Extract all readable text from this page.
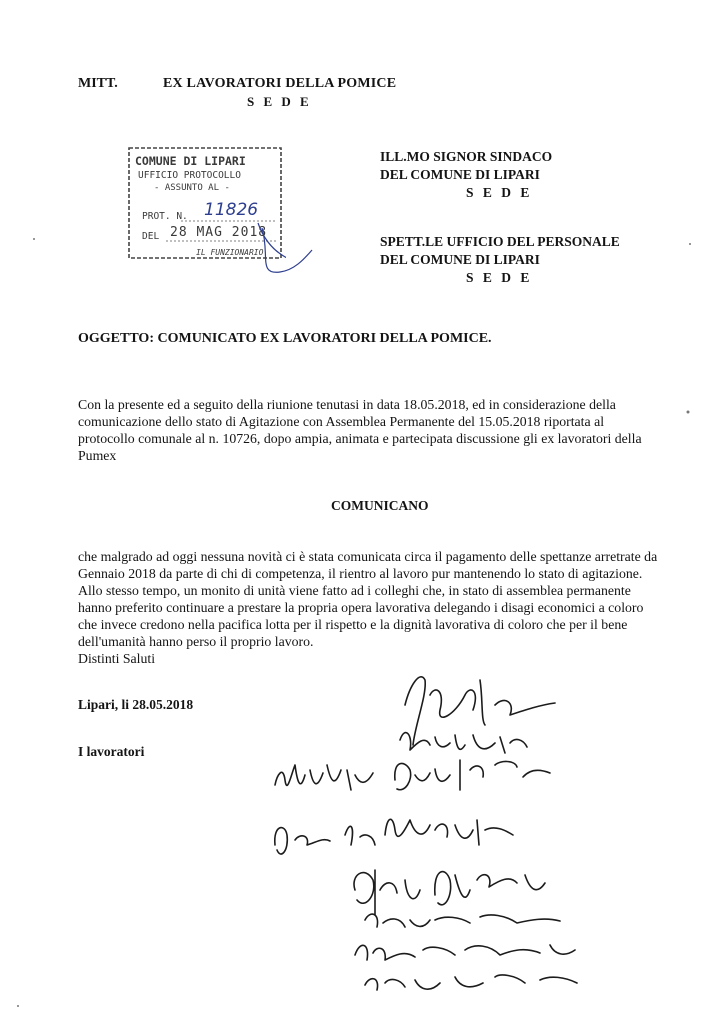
MITT.	EX LAVORATORI DELLA POMICE
S E D E
COMUNE DI LIPARI
UFFICIO PROTOCOLLO
- ASSUNTO AL -
PROT. N. 11826
DEL 28 MAG 2018
IL FUNZIONARIO
ILL.MO SIGNOR SINDACO
DEL COMUNE DI LIPARI
S E D E
SPETT.LE UFFICIO DEL PERSONALE
DEL COMUNE DI LIPARI
S E D E
OGGETTO: COMUNICATO EX LAVORATORI DELLA POMICE.
Con la presente ed a seguito della riunione tenutasi in data 18.05.2018, ed in considerazione della
comunicazione dello stato di Agitazione con Assemblea Permanente del 15.05.2018 riportata al
protocollo comunale al n. 10726, dopo ampia, animata e partecipata discussione gli ex lavoratori della
Pumex
COMUNICANO
che malgrado ad oggi nessuna novità ci è stata comunicata circa il pagamento delle spettanze arretrate da
Gennaio 2018 da parte di chi di competenza, il rientro al lavoro pur mantenendo lo stato di agitazione.
Allo stesso tempo, un monito di unità viene fatto ad i colleghi che, in stato di assemblea permanente
hanno preferito continuare a prestare la propria opera lavorativa delegando i disagi economici a coloro
che invece credono nella pacifica lotta per il rispetto e la dignità lavorativa di coloro che per il bene
dell'umanità hanno perso il proprio lavoro.
Distinti Saluti
Lipari, li 28.05.2018
I lavoratori
